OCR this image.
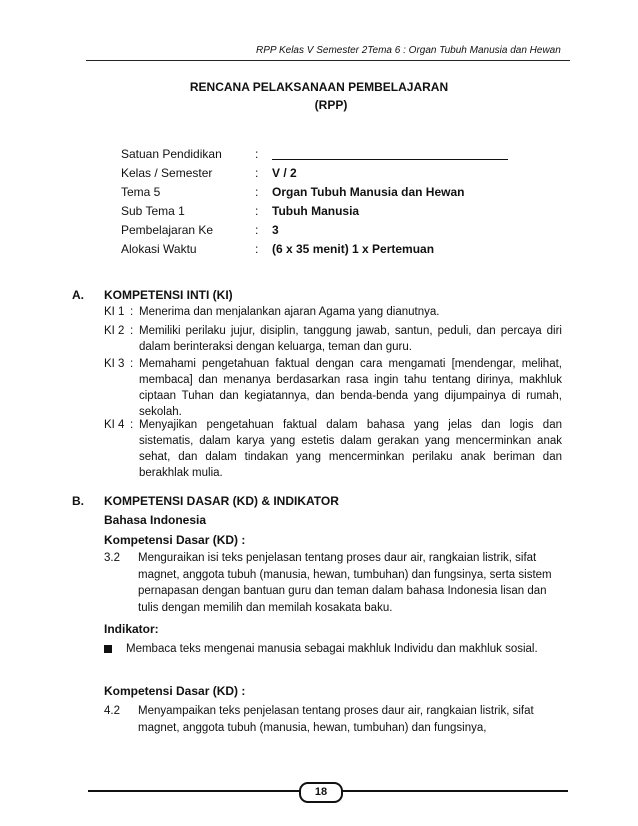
RPP Kelas V Semester 2Tema 6 : Organ Tubuh Manusia dan Hewan
RENCANA PELAKSANAAN PEMBELAJARAN
(RPP)
Satuan Pendidikan	:
Kelas / Semester	: V / 2
Tema 5	: Organ Tubuh Manusia dan Hewan
Sub Tema 1	: Tubuh Manusia
Pembelajaran Ke	: 3
Alokasi Waktu	: (6 x 35 menit) 1 x Pertemuan
A. KOMPETENSI INTI (KI)
KI 1 : Menerima dan menjalankan ajaran Agama yang dianutnya.
KI 2 : Memiliki perilaku jujur, disiplin, tanggung jawab, santun, peduli, dan percaya diri dalam berinteraksi dengan keluarga, teman dan guru.
KI 3 : Memahami pengetahuan faktual dengan cara mengamati [mendengar, melihat, membaca] dan menanya berdasarkan rasa ingin tahu tentang dirinya, makhluk ciptaan Tuhan dan kegiatannya, dan benda-benda yang dijumpainya di rumah, sekolah.
KI 4 : Menyajikan pengetahuan faktual dalam bahasa yang jelas dan logis dan sistematis, dalam karya yang estetis dalam gerakan yang mencerminkan anak sehat, dan dalam tindakan yang mencerminkan perilaku anak beriman dan berakhlak mulia.
B. KOMPETENSI DASAR (KD) & INDIKATOR
Bahasa Indonesia
Kompetensi Dasar (KD) :
3.2 Menguraikan isi teks penjelasan tentang proses daur air, rangkaian listrik, sifat magnet, anggota tubuh (manusia, hewan, tumbuhan) dan fungsinya, serta sistem pernapasan dengan bantuan guru dan teman dalam bahasa Indonesia lisan dan tulis dengan memilih dan memilah kosakata baku.
Indikator:
Membaca teks mengenai manusia sebagai makhluk Individu dan makhluk sosial.
Kompetensi Dasar (KD) :
4.2 Menyampaikan teks penjelasan tentang proses daur air, rangkaian listrik, sifat magnet, anggota tubuh (manusia, hewan, tumbuhan) dan fungsinya,
18
